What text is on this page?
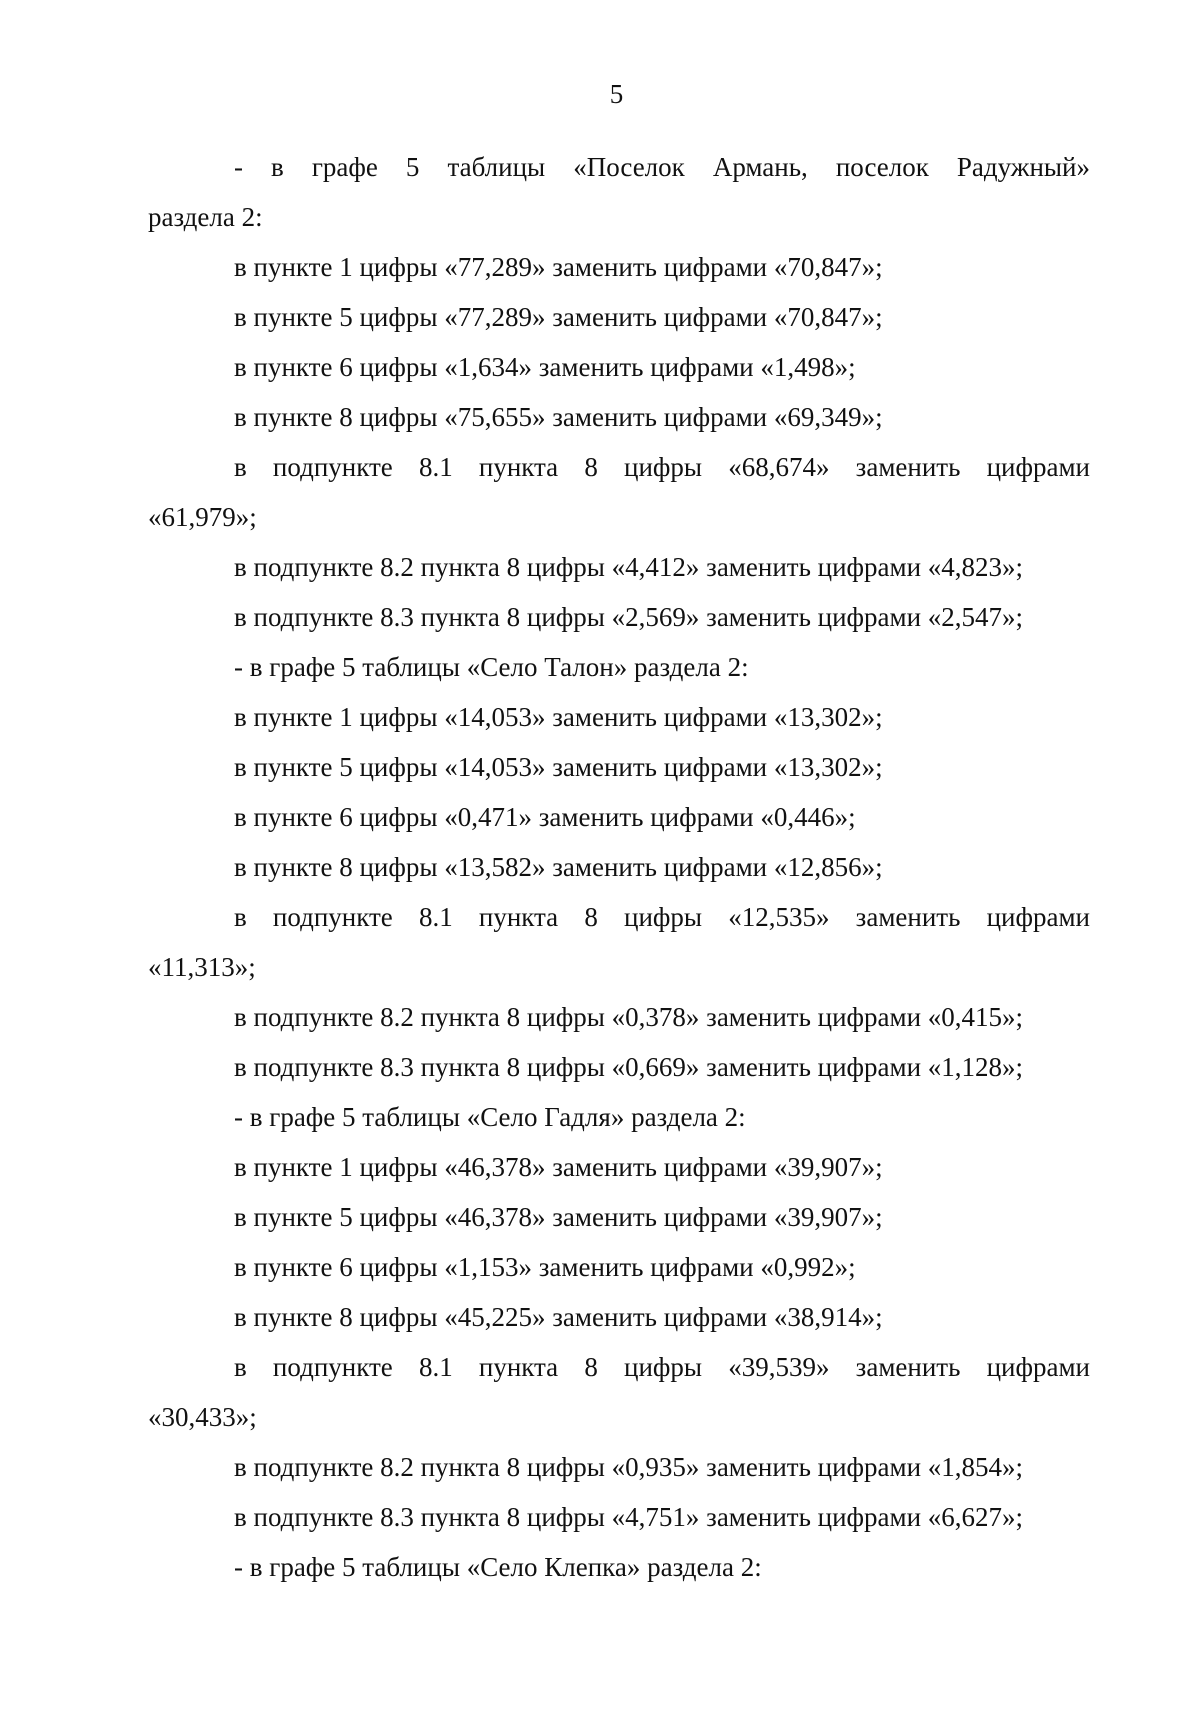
5
- в графе 5 таблицы «Поселок Армань, поселок Радужный»
раздела 2:
в пункте 1 цифры «77,289» заменить цифрами «70,847»;
в пункте 5 цифры «77,289» заменить цифрами «70,847»;
в пункте 6 цифры «1,634» заменить цифрами «1,498»;
в пункте 8 цифры «75,655» заменить цифрами «69,349»;
в подпункте 8.1 пункта 8 цифры «68,674» заменить цифрами
«61,979»;
в подпункте 8.2 пункта 8 цифры «4,412» заменить цифрами «4,823»;
в подпункте 8.3 пункта 8 цифры «2,569» заменить цифрами «2,547»;
- в графе 5 таблицы «Село Талон» раздела 2:
в пункте 1 цифры «14,053» заменить цифрами «13,302»;
в пункте 5 цифры «14,053» заменить цифрами «13,302»;
в пункте 6 цифры «0,471» заменить цифрами «0,446»;
в пункте 8 цифры «13,582» заменить цифрами «12,856»;
в подпункте 8.1 пункта 8 цифры «12,535» заменить цифрами
«11,313»;
в подпункте 8.2 пункта 8 цифры «0,378» заменить цифрами «0,415»;
в подпункте 8.3 пункта 8 цифры «0,669» заменить цифрами «1,128»;
- в графе 5 таблицы «Село Гадля» раздела 2:
в пункте 1 цифры «46,378» заменить цифрами «39,907»;
в пункте 5 цифры «46,378» заменить цифрами «39,907»;
в пункте 6 цифры «1,153» заменить цифрами «0,992»;
в пункте 8 цифры «45,225» заменить цифрами «38,914»;
в подпункте 8.1 пункта 8 цифры «39,539» заменить цифрами
«30,433»;
в подпункте 8.2 пункта 8 цифры «0,935» заменить цифрами «1,854»;
в подпункте 8.3 пункта 8 цифры «4,751» заменить цифрами «6,627»;
- в графе 5 таблицы «Село Клепка» раздела 2:
